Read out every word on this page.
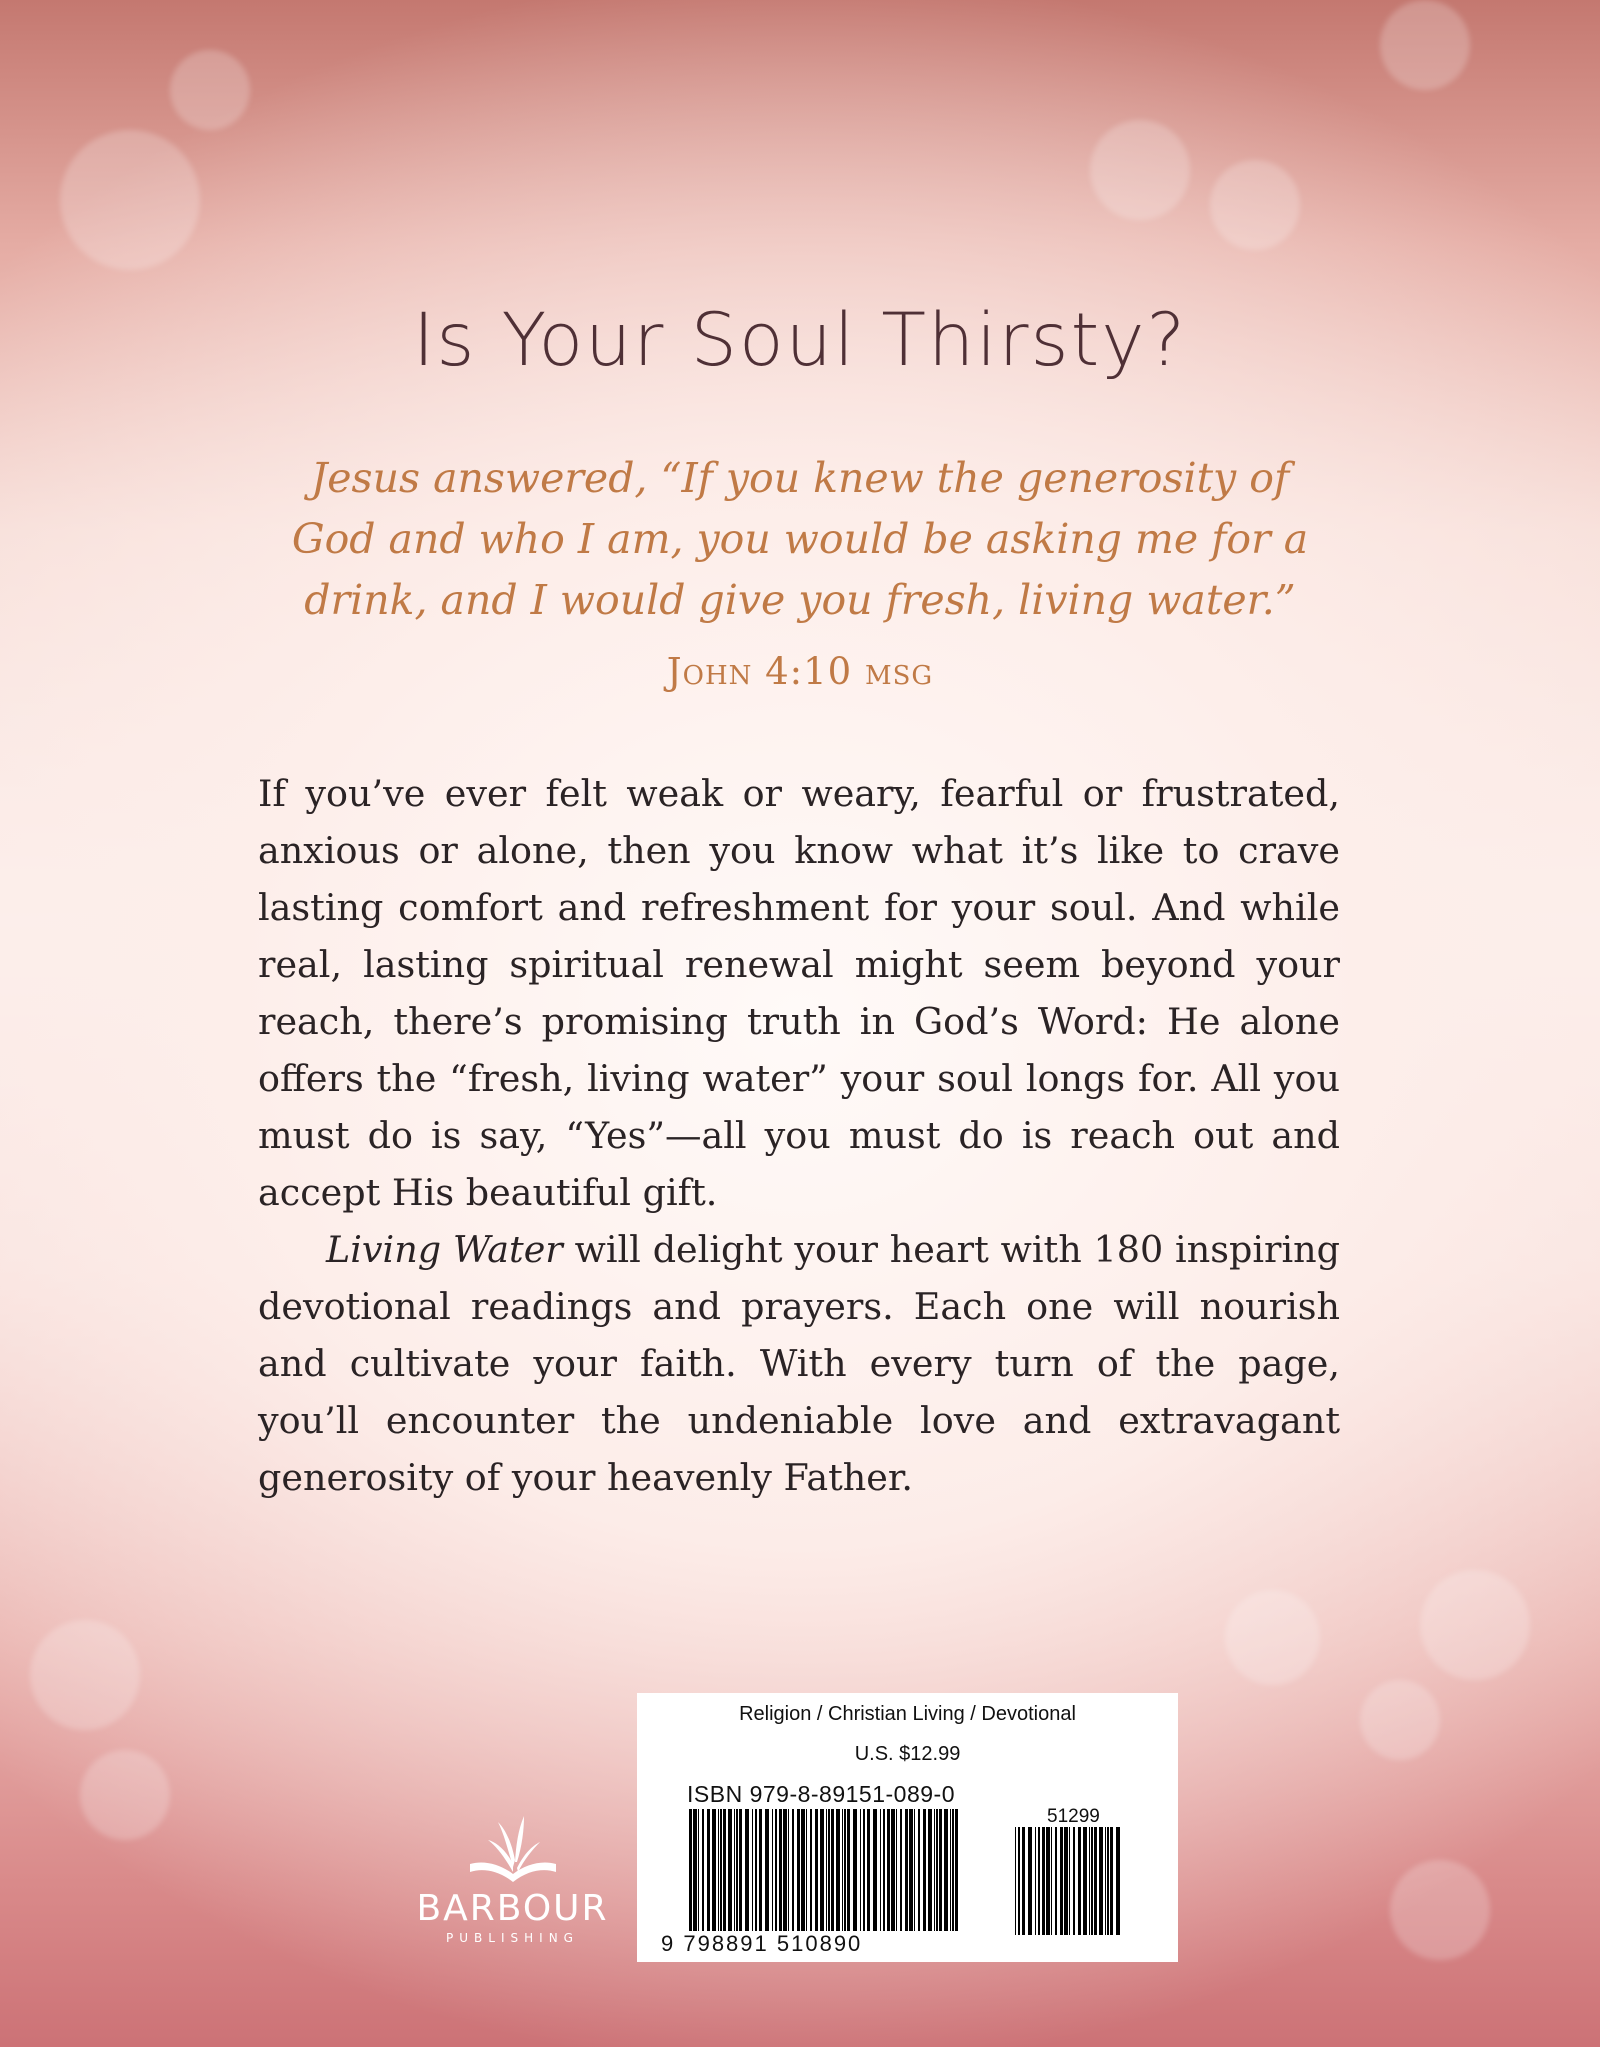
Is Your Soul Thirsty?
Jesus answered, “If you knew the generosity of
God and who I am, you would be asking me for a
drink, and I would give you fresh, living water.”
John 4:10 msg

If you’ve ever felt weak or weary, fearful or frustrated, anxious or alone, then you know what it’s like to crave lasting comfort and refreshment for your soul. And while real, lasting spiritual renewal might seem beyond your reach, there’s promising truth in God’s Word: He alone offers the “fresh, living water” your soul longs for. All you must do is say, “Yes”—all you must do is reach out and accept His beautiful gift.

Living Water will delight your heart with 180 inspiring devotional readings and prayers. Each one will nourish and cultivate your faith. With every turn of the page, you’ll encounter the undeniable love and extravagant generosity of your heavenly Father.

BARBOUR
PUBLISHING
Religion / Christian Living / Devotional
U.S. $12.99
ISBN 979-8-89151-089-0
51299
9 798891 510890
